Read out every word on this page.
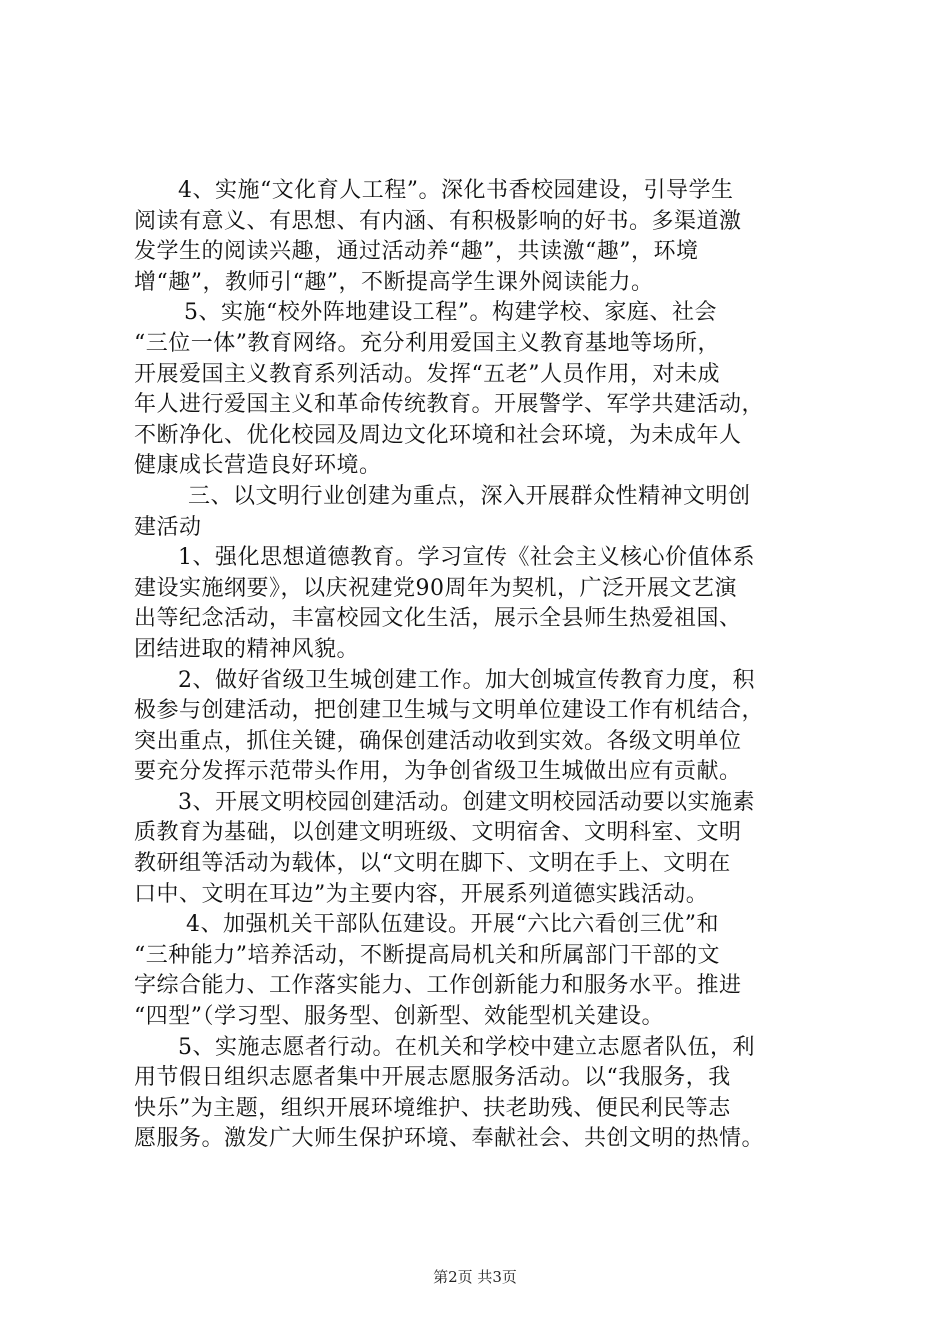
4、实施“文化育人工程”。深化书香校园建设，引导学生
阅读有意义、有思想、有内涵、有积极影响的好书。多渠道激
发学生的阅读兴趣，通过活动养“趣”，共读激“趣”，环境
增“趣”，教师引“趣”，不断提高学生课外阅读能力。
5、实施“校外阵地建设工程”。构建学校、家庭、社会
“三位一体”教育网络。充分利用爱国主义教育基地等场所，
开展爱国主义教育系列活动。发挥“五老”人员作用，对未成
年人进行爱国主义和革命传统教育。开展警学、军学共建活动，
不断净化、优化校园及周边文化环境和社会环境，为未成年人
健康成长营造良好环境。
三、以文明行业创建为重点，深入开展群众性精神文明创
建活动
1、强化思想道德教育。学习宣传《社会主义核心价值体系
建设实施纲要》，以庆祝建党90周年为契机，广泛开展文艺演
出等纪念活动，丰富校园文化生活，展示全县师生热爱祖国、
团结进取的精神风貌。
2、做好省级卫生城创建工作。加大创城宣传教育力度，积
极参与创建活动，把创建卫生城与文明单位建设工作有机结合，
突出重点，抓住关键，确保创建活动收到实效。各级文明单位
要充分发挥示范带头作用，为争创省级卫生城做出应有贡献。
3、开展文明校园创建活动。创建文明校园活动要以实施素
质教育为基础，以创建文明班级、文明宿舍、文明科室、文明
教研组等活动为载体，以“文明在脚下、文明在手上、文明在
口中、文明在耳边”为主要内容，开展系列道德实践活动。
4、加强机关干部队伍建设。开展“六比六看创三优”和
“三种能力”培养活动，不断提高局机关和所属部门干部的文
字综合能力、工作落实能力、工作创新能力和服务水平。推进
“四型”（学习型、服务型、创新型、效能型机关建设。
5、实施志愿者行动。在机关和学校中建立志愿者队伍，利
用节假日组织志愿者集中开展志愿服务活动。以“我服务，我
快乐”为主题，组织开展环境维护、扶老助残、便民利民等志
愿服务。激发广大师生保护环境、奉献社会、共创文明的热情。
第2页 共3页
